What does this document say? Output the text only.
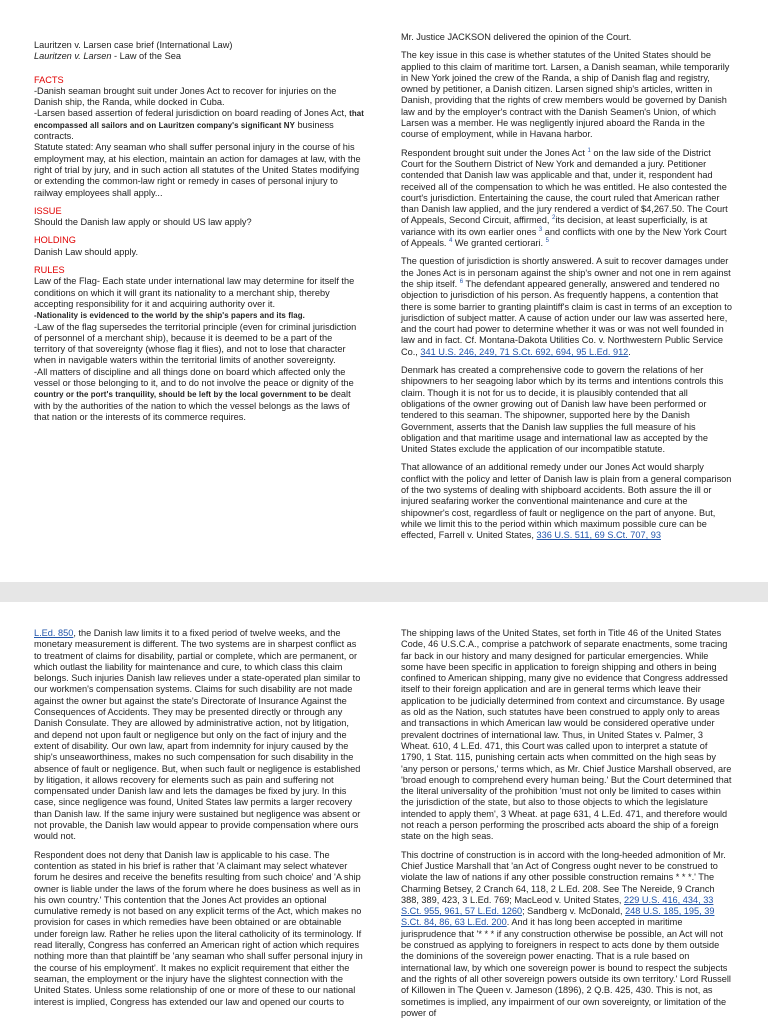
Lauritzen v. Larsen case brief (International Law)

Lauritzen v. Larsen - Law of the Sea

FACTS

-Danish seaman brought suit under Jones Act to recover for injuries on the Danish ship, the Randa, while docked in Cuba.

-Larsen based assertion of federal jurisdiction on board reading of Jones Act, that encompassed all sailors and on Lauritzen company's significant NY business contracts.

Statute stated: Any seaman who shall suffer personal injury in the course of his employment may, at his election, maintain an action for damages at law, with the right of trial by jury, and in such action all statutes of the United States modifying or extending the common-law right or remedy in cases of personal injury to railway employees shall apply...

ISSUE

Should the Danish law apply or should US law apply?

HOLDING

Danish Law should apply.

RULES

Law of the Flag- Each state under international law may determine for itself the conditions on which it will grant its nationality to a merchant ship, thereby accepting responsibility for it and acquiring authority over it.

-Nationality is evidenced to the world by the ship's papers and its flag.

-Law of the flag supersedes the territorial principle (even for criminal jurisdiction of personnel of a merchant ship), because it is deemed to be a part of the territory of that sovereignty (whose flag it flies), and not to lose that character when in navigable waters within the territorial limits of another sovereignty.

-All matters of discipline and all things done on board which affected only the vessel or those belonging to it, and to do not involve the peace or dignity of the country or the port's tranquility, should be left by the local government to be dealt with by the authorities of the nation to which the vessel belongs as the laws of that nation or the interests of its commerce requires.

Mr. Justice JACKSON delivered the opinion of the Court.

The key issue in this case is whether statutes of the United States should be applied to this claim of maritime tort. Larsen, a Danish seaman, while temporarily in New York joined the crew of the Randa, a ship of Danish flag and registry, owned by petitioner, a Danish citizen. Larsen signed ship's articles, written in Danish, providing that the rights of crew members would be governed by Danish law and by the employer's contract with the Danish Seamen's Union, of which Larsen was a member. He was negligently injured aboard the Randa in the course of employment, while in Havana harbor.

Respondent brought suit under the Jones Act $^1$ on the law side of the District Court for the Southern District of New York and demanded a jury. Petitioner contended that Danish law was applicable and that, under it, respondent had received all of the compensation to which he was entitled. He also contested the court's jurisdiction. Entertaining the cause, the court ruled that American rather than Danish law applied, and the jury rendered a verdict of $4,267.50. The Court of Appeals, Second Circuit, affirmed, $^2$its decision, at least superficially, is at variance with its own earlier ones $^3$ and conflicts with one by the New York Court of Appeals. $^4$ We granted certiorari. $^5$

The question of jurisdiction is shortly answered. A suit to recover damages under the Jones Act is in personam against the ship's owner and not one in rem against the ship itself. $^6$ The defendant appeared generally, answered and tendered no objection to jurisdiction of his person. As frequently happens, a contention that there is some barrier to granting plaintiff's claim is cast in terms of an exception to jurisdiction of subject matter. A cause of action under our law was asserted here, and the court had power to determine whether it was or was not well founded in law and in fact. Cf. Montana-Dakota Utilities Co. v. Northwestern Public Service Co., 341 U.S. 246, 249, 71 S.Ct. 692, 694, 95 L.Ed. 912.

Denmark has created a comprehensive code to govern the relations of her shipowners to her seagoing labor which by its terms and intentions controls this claim. Though it is not for us to decide, it is plausibly contended that all obligations of the owner growing out of Danish law have been performed or tendered to this seaman. The shipowner, supported here by the Danish Government, asserts that the Danish law supplies the full measure of his obligation and that maritime usage and international law as accepted by the United States exclude the application of our incompatible statute.

That allowance of an additional remedy under our Jones Act would sharply conflict with the policy and letter of Danish law is plain from a general comparison of the two systems of dealing with shipboard accidents. Both assure the ill or injured seafaring worker the conventional maintenance and cure at the shipowner's cost, regardless of fault or negligence on the part of anyone. But, while we limit this to the period within which maximum possible cure can be effected, Farrell v. United States, 336 U.S. 511, 69 S.Ct. 707, 93

L.Ed. 850, the Danish law limits it to a fixed period of twelve weeks, and the monetary measurement is different. The two systems are in sharpest conflict as to treatment of claims for disability, partial or complete, which are permanent, or which outlast the liability for maintenance and cure, to which class this claim belongs. Such injuries Danish law relieves under a state-operated plan similar to our workmen's compensation systems. Claims for such disability are not made against the owner but against the state's Directorate of Insurance Against the Consequences of Accidents. They may be presented directly or through any Danish Consulate. They are allowed by administrative action, not by litigation, and depend not upon fault or negligence but only on the fact of injury and the extent of disability. Our own law, apart from indemnity for injury caused by the ship's unseaworthiness, makes no such compensation for such disability in the absence of fault or negligence. But, when such fault or negligence is established by litigation, it allows recovery for elements such as pain and suffering not compensated under Danish law and lets the damages be fixed by jury. In this case, since negligence was found, United States law permits a larger recovery than Danish law. If the same injury were sustained but negligence was absent or not provable, the Danish law would appear to provide compensation where ours would not.

Respondent does not deny that Danish law is applicable to his case. The contention as stated in his brief is rather that 'A claimant may select whatever forum he desires and receive the benefits resulting from such choice' and 'A ship owner is liable under the laws of the forum where he does business as well as in his own country.' This contention that the Jones Act provides an optional cumulative remedy is not based on any explicit terms of the Act, which makes no provision for cases in which remedies have been obtained or are obtainable under foreign law. Rather he relies upon the literal catholicity of its terminology. If read literally, Congress has conferred an American right of action which requires nothing more than that plaintiff be 'any seaman who shall suffer personal injury in the course of his employment'. It makes no explicit requirement that either the seaman, the employment or the injury have the slightest connection with the United States. Unless some relationship of one or more of these to our national interest is implied, Congress has extended our law and opened our courts to

The shipping laws of the United States, set forth in Title 46 of the United States Code, 46 U.S.C.A., comprise a patchwork of separate enactments, some tracing far back in our history and many designed for particular emergencies. While some have been specific in application to foreign shipping and others in being confined to American shipping, many give no evidence that Congress addressed itself to their foreign application and are in general terms which leave their application to be judicially determined from context and circumstance. By usage as old as the Nation, such statutes have been construed to apply only to areas and transactions in which American law would be considered operative under prevalent doctrines of international law. Thus, in United States v. Palmer, 3 Wheat. 610, 4 L.Ed. 471, this Court was called upon to interpret a statute of 1790, 1 Stat. 115, punishing certain acts when committed on the high seas by 'any person or persons,' terms which, as Mr. Chief Justice Marshall observed, are 'broad enough to comprehend every human being.' But the Court determined that the literal universality of the prohibition 'must not only be limited to cases within the jurisdiction of the state, but also to those objects to which the legislature intended to apply them', 3 Wheat. at page 631, 4 L.Ed. 471, and therefore would not reach a person performing the proscribed acts aboard the ship of a foreign state on the high seas.

This doctrine of construction is in accord with the long-heeded admonition of Mr. Chief Justice Marshall that 'an Act of Congress ought never to be construed to violate the law of nations if any other possible construction remains * * *.' The Charming Betsey, 2 Cranch 64, 118, 2 L.Ed. 208. See The Nereide, 9 Cranch 388, 389, 423, 3 L.Ed. 769; MacLeod v. United States, 229 U.S. 416, 434, 33 S.Ct. 955, 961, 57 L.Ed. 1260; Sandberg v. McDonald, 248 U.S. 185, 195, 39 S.Ct. 84, 86, 63 L.Ed. 200. And it has long been accepted in maritime jurisprudence that '* * * if any construction otherwise be possible, an Act will not be construed as applying to foreigners in respect to acts done by them outside the dominions of the sovereign power enacting. That is a rule based on international law, by which one sovereign power is bound to respect the subjects and the rights of all other sovereign powers outside its own territory.' Lord Russell of Killowen in The Queen v. Jameson (1896), 2 Q.B. 425, 430. This is not, as sometimes is implied, any impairment of our own sovereignty, or limitation of the power of
